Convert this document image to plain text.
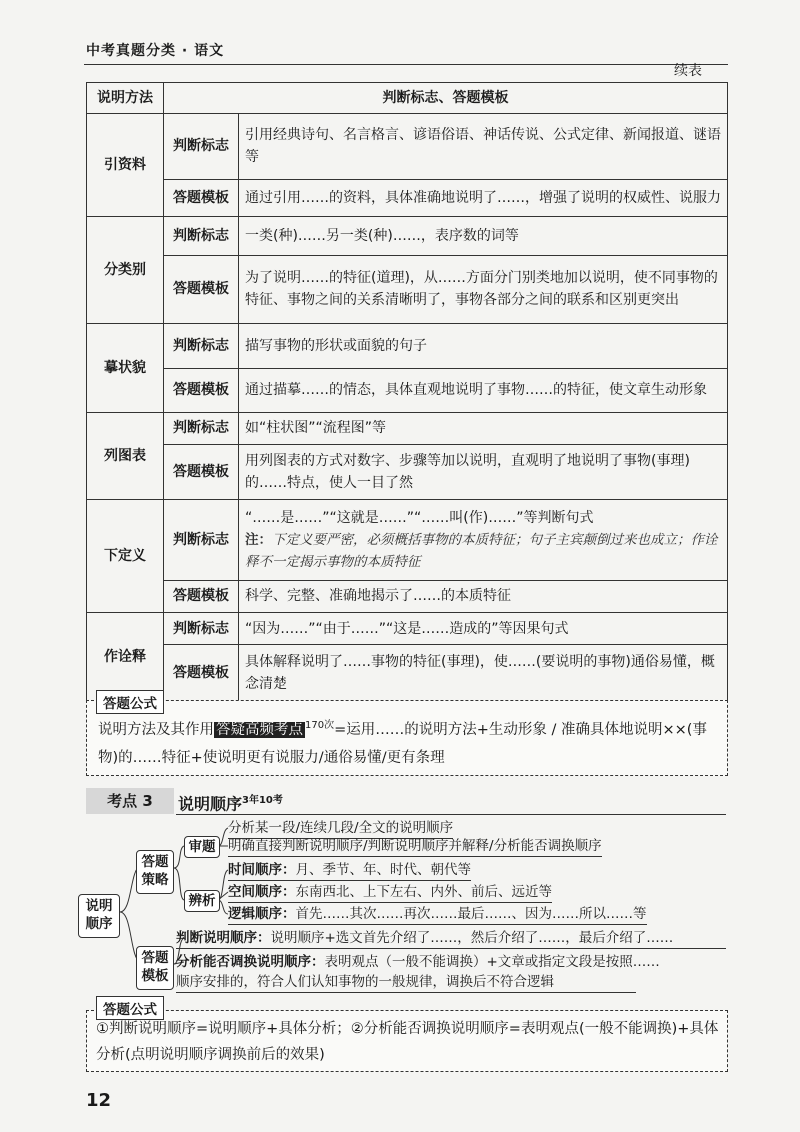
中考真题分类 · 语文
续表
说明方法	判断标志、答题模板	
引资料	判断标志	引用经典诗句、名言格言、谚语俗语、神话传说、公式定律、新闻报道、谜语等
	答题模板	通过引用……的资料，具体准确地说明了……，增强了说明的权威性、说服力
分类别	判断标志	一类(种)……另一类(种)……，表序数的词等
	答题模板	为了说明……的特征(道理)，从……方面分门别类地加以说明，使不同事物的特征、事物之间的关系清晰明了，事物各部分之间的联系和区别更突出
摹状貌	判断标志	描写事物的形状或面貌的句子
	答题模板	通过描摹……的情态，具体直观地说明了事物……的特征，使文章生动形象
列图表	判断标志	如“柱状图”“流程图”等
	答题模板	用列图表的方式对数字、步骤等加以说明，直观明了地说明了事物(事理)的……特点，使人一目了然
下定义	判断标志	“……是……”“这就是……”“……叫(作)……”等判断句式
注：下定义要严密，必须概括事物的本质特征；句子主宾颠倒过来也成立；作诠释不一定揭示事物的本质特征

	答题模板	科学、完整、准确地揭示了……的本质特征
作诠释	判断标志	“因为……”“由于……”“这是……造成的”等因果句式
	答题模板	具体解释说明了……事物的特征(事理)，使……(要说明的事物)通俗易懂，概念清楚
答题公式
说明方法及其作用 答疑高频考点 $^{170次}$=运用……的说明方法+生动形象 / 准确具体地说明××(事物)的……特征+使说明更有说服力/通俗易懂/更有条理
考点 3	说明顺序$^{3年10考}$
说明
顺序
答题
策略
答题
模板
审题
辨析
分析某一段/连续几段/全文的说明顺序
明确直接判断说明顺序/判断说明顺序并解释/分析能否调换顺序
时间顺序：月、季节、年、时代、朝代等
空间顺序：东南西北、上下左右、内外、前后、远近等
逻辑顺序：首先……其次……再次……最后……、因为……所以……等
判断说明顺序：说明顺序+选文首先介绍了……，然后介绍了……，最后介绍了……
分析能否调换说明顺序：表明观点（一般不能调换）+文章或指定文段是按照……
顺序安排的，符合人们认知事物的一般规律，调换后不符合逻辑
答题公式
①判断说明顺序=说明顺序+具体分析；②分析能否调换说明顺序=表明观点(一般不能调换)+具体分析(点明说明顺序调换前后的效果)
12
